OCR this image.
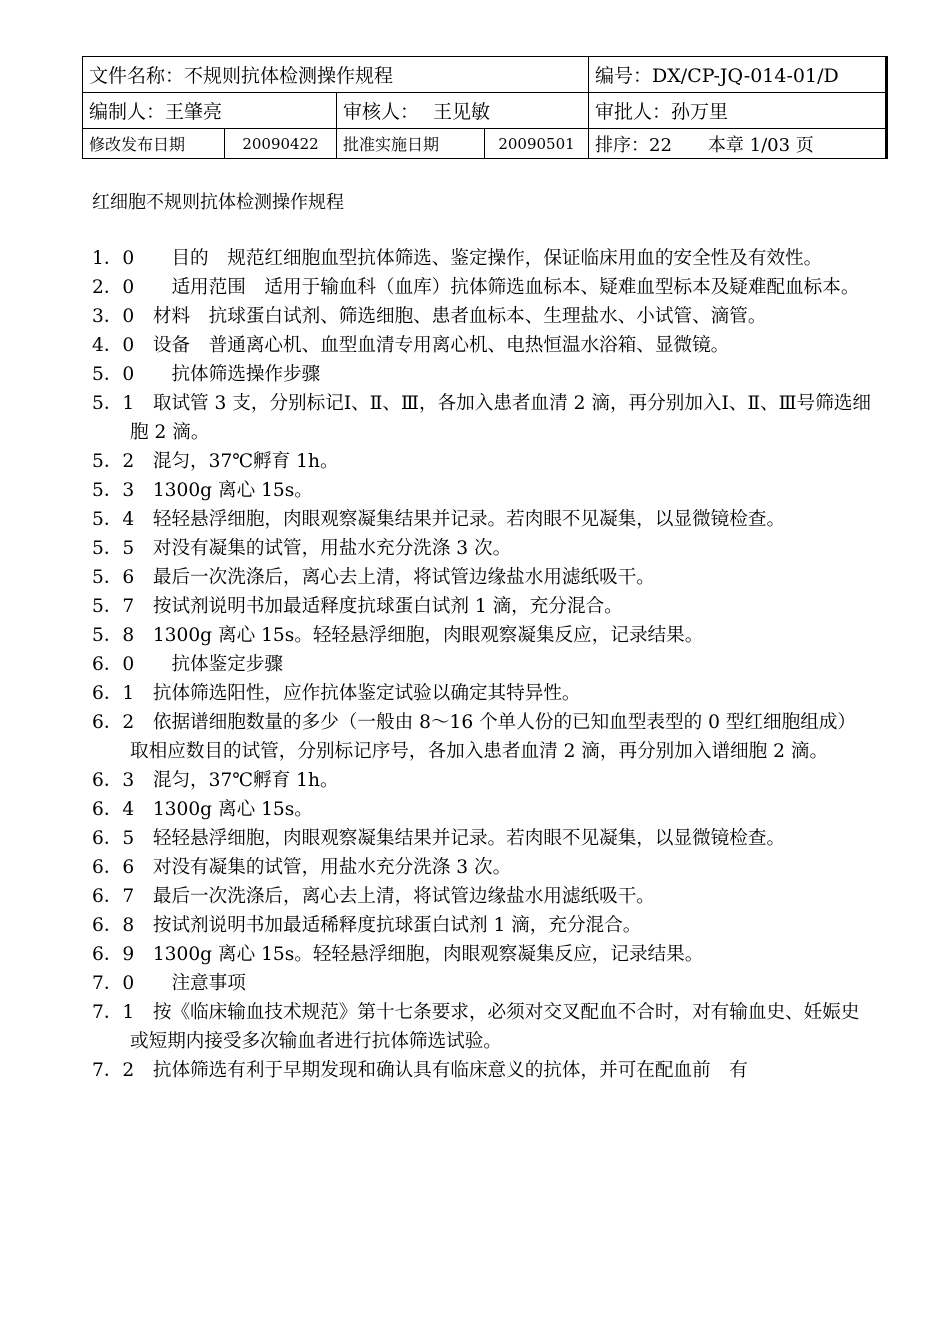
文件名称：不规则抗体检测操作规程				编号：DX/CP-JQ-014-01/D
编制人：王肇亮		审核人： 王见敏		审批人：孙万里
修改发布日期	20090422	批准实施日期	20090501	排序：22　　本章 1/03 页
红细胞不规则抗体检测操作规程
1．0　　目的　规范红细胞血型抗体筛选、鉴定操作，保证临床用血的安全性及有效性。
2．0　　适用范围　适用于输血科（血库）抗体筛选血标本、疑难血型标本及疑难配血标本。
3．0　材料　抗球蛋白试剂、筛选细胞、患者血标本、生理盐水、小试管、滴管。
4．0　设备　普通离心机、血型血清专用离心机、电热恒温水浴箱、显微镜。
5．0　　抗体筛选操作步骤
5．1　取试管 3 支，分别标记Ⅰ、Ⅱ、Ⅲ，各加入患者血清 2 滴，再分别加入Ⅰ、Ⅱ、Ⅲ号筛选细胞 2 滴。
5．2　混匀，37℃孵育 1h。
5．3　1300g 离心 15s。
5．4　轻轻悬浮细胞，肉眼观察凝集结果并记录。若肉眼不见凝集，以显微镜检查。
5．5　对没有凝集的试管，用盐水充分洗涤 3 次。
5．6　最后一次洗涤后，离心去上清，将试管边缘盐水用滤纸吸干。
5．7　按试剂说明书加最适释度抗球蛋白试剂 1 滴，充分混合。
5．8　1300g 离心 15s。轻轻悬浮细胞，肉眼观察凝集反应，记录结果。
6．0　　抗体鉴定步骤
6．1　抗体筛选阳性，应作抗体鉴定试验以确定其特异性。
6．2　依据谱细胞数量的多少（一般由 8～16 个单人份的已知血型表型的 0 型红细胞组成）取相应数目的试管，分别标记序号，各加入患者血清 2 滴，再分别加入谱细胞 2 滴。
6．3　混匀，37℃孵育 1h。
6．4　1300g 离心 15s。
6．5　轻轻悬浮细胞，肉眼观察凝集结果并记录。若肉眼不见凝集，以显微镜检查。
6．6　对没有凝集的试管，用盐水充分洗涤 3 次。
6．7　最后一次洗涤后，离心去上清，将试管边缘盐水用滤纸吸干。
6．8　按试剂说明书加最适稀释度抗球蛋白试剂 1 滴，充分混合。
6．9　1300g 离心 15s。轻轻悬浮细胞，肉眼观察凝集反应，记录结果。
7．0　　注意事项
7．1　按《临床输血技术规范》第十七条要求，必须对交叉配血不合时，对有输血史、妊娠史或短期内接受多次输血者进行抗体筛选试验。
7．2　抗体筛选有利于早期发现和确认具有临床意义的抗体，并可在配血前　有
